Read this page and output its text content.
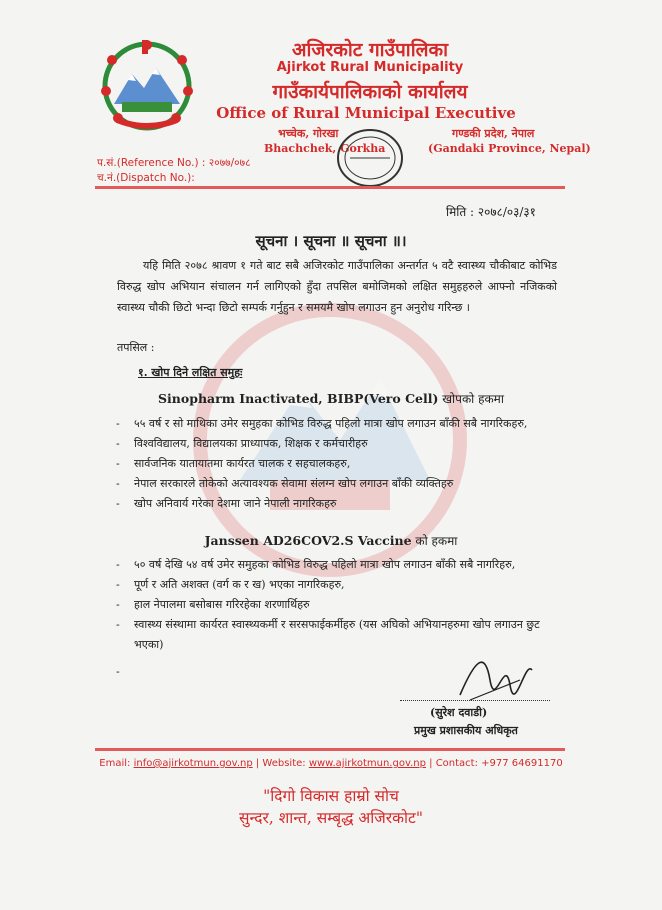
अजिरकोट गाउँपालिका
Ajirkot Rural Municipality
गाउँकार्यपालिकाको कार्यालय
Office of Rural Municipal Executive
भच्चेक, गोरखा
Bhachchek, Gorkha
गण्डकी प्रदेश, नेपाल
(Gandaki Province, Nepal)
प.सं.(Reference No.) : २०७७/०७८
च.नं.(Dispatch No.):
मिति : २०७८/०३/३१
सूचना । सूचना ॥ सूचना ॥।
यहि मिति २०७८ श्रावण १ गते बाट सबै अजिरकोट गाउँपालिका अन्तर्गत ५ वटै स्वास्थ्य चौकीबाट कोभिड विरुद्ध खोप अभियान संचालन गर्न लागिएको हुँदा तपसिल बमोजिमको लक्षित समुहहरुले आफ्नो नजिकको स्वास्थ्य चौकी छिटो भन्दा छिटो सम्पर्क गर्नुहुन र समयमै खोप लगाउन हुन अनुरोध गरिन्छ ।
तपसिल :
१. खोप दिने लक्षित समुहः
Sinopharm Inactivated, BIBP(Vero Cell) खोपको हकमा
- ५५ वर्ष र सो माथिका उमेर समुहका कोभिड विरुद्ध पहिलो मात्रा खोप लगाउन बाँकी सबै नागरिकहरु,
- विश्वविद्यालय, विद्यालयका प्राध्यापक, शिक्षक र कर्मचारीहरु
- सार्वजनिक यातायातमा कार्यरत चालक र सहचालकहरु,
- नेपाल सरकारले तोकेको अत्यावश्यक सेवामा संलग्न खोप लगाउन बाँकी व्यक्तिहरु
- खोप अनिवार्य गरेका देशमा जाने नेपाली नागरिकहरु
Janssen AD26COV2.S Vaccine को हकमा
- ५० वर्ष देखि ५४ वर्ष उमेर समुहका कोभिड विरुद्ध पहिलो मात्रा खोप लगाउन बाँकी सबै नागरिहरु,
- पूर्ण र अति अशक्त (वर्ग क र ख) भएका नागरिकहरु,
- हाल नेपालमा बसोबास गरिरहेका शरणार्थिहरु
- स्वास्थ्य संस्थामा कार्यरत स्वास्थ्यकर्मी र सरसफाईकर्मीहरु (यस अघिको अभियानहरुमा खोप लगाउन छुट भएका)
-
(सुरेश दवाडी)
प्रमुख प्रशासकीय अधिकृत
Email: info@ajirkotmun.gov.np | Website: www.ajirkotmun.gov.np | Contact: +977 64691170
"दिगो विकास हाम्रो सोच
सुन्दर, शान्त, सम्बृद्ध अजिरकोट"
